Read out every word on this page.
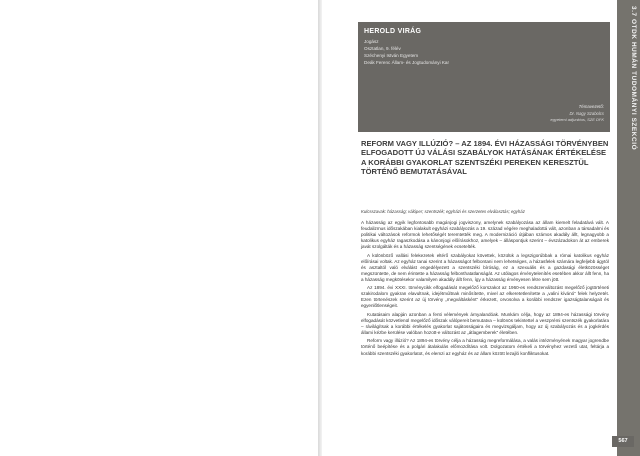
3.7 OTDK HUMÁN TUDOMÁNYI SZEKCIÓ
HEROLD VIRÁG
Jogász
Osztatlan, 9. félév
Széchenyi István Egyetem
Deák Ferenc Állam- és Jogtudományi Kar
Témavezető:
Dr. Nagy Szabolcs
egyetemi adjunktus, SZE DFK
REFORM VAGY ILLÚZIÓ? – AZ 1894. ÉVI HÁZASSÁGI TÖRVÉNYBEN ELFOGADOTT ÚJ VÁLÁSI SZABÁLYOK HATÁSÁNAK ÉRTÉKELÉSE A KORÁBBI GYAKORLAT SZENTSZÉKI PEREKEN KERESZTÜL TÖRTÉNŐ BEMUTATÁSÁVAL
Kulcsszavak: házasság; válóper; szentszék; egyházi és szerzetes elválasztás; egyház

A házasság az egyik legfontosabb magánjogi jogviszony, amelynek szabályozása az állam kiemelt feladatává vált. A feudalizmus időszakában kialakult egyházi szabályozás a 19. század végére meghaladottá vált, azonban a társadalmi és politikai változások reformok lehetőségét teremtették meg. A modernizáció útjában számos akadály állt, legnagyobb a katolikus egyház ragaszkodása a kánonjogi előírásokhoz, amelyek – álláspontjuk szerint – évszázadokon át az emberek javát szolgálták és a házasság szentségének ecsetelték.

A különböző vallási felekezetek eltérő szabályokat követtek, közülük a legszigorúbbak a római katolikus egyház előírásai voltak. Az egyház tanai szerint a házasságot felbontani nem lehetséges, a házasfelek számára legfeljebb ágytól és asztaltól való elválást engedélyezett a szentszéki bíróság, ez a szexuális és a gazdasági életközösséget megszüntette, de nem érintette a házasság felbonthatatlanságát. Az utólagos érvénytelenítés esetében akkor állt fenn, ha a házasság megkötésekor valamilyen akadály állt fenn, így a házasság érvényesen létre sem jött.

Az 1894. évi XXXI. törvénycikk elfogadását megelőző korszakot az 1960-es rendszerváltozást megelőző jogtörténeti szakirodalom gyakran elavultnak, idejétmúltnak minősítette, mivel az elkeretetlenítette a „valini kívánó” felek helyzetét. Ezen törtenészek szerint az új törvény „megváltásként” érkezett, orvosolva a korábbi rendszer igazságtalanságait és egyenlőtlenségeit.

Kutatásaim alapján azonban a fenti vélemények árnyalandóak. Munkám célja, hogy az 1894-es házassági törvény elfogadását közvetlenül megelőző időszak válópereit bemutatva – különös tekintettel a veszprémi szentszék gyakorlatára – rávilágítsak a korábbi értékelés gyakorlat sajátosságaira és megvizsgáljam, hogy az új szabályozás és a jogkérdés állami kézbe kerülése valóban hozott-e változást az „átlagemberek” életében.

Reform vagy illúzió? Az 1894-es törvény célja a házasság megreformálása, a valás intézményének magyar jogrendbe történő beépítése és a polgári átalakulás előmozdítása volt. Dolgozatom értékeli a törvényhez vezető utat, feltárja a korábbi szentszéki gyakorlatot, és elemzi az egyház és az állam között lezajló konfliktusokat.

567
